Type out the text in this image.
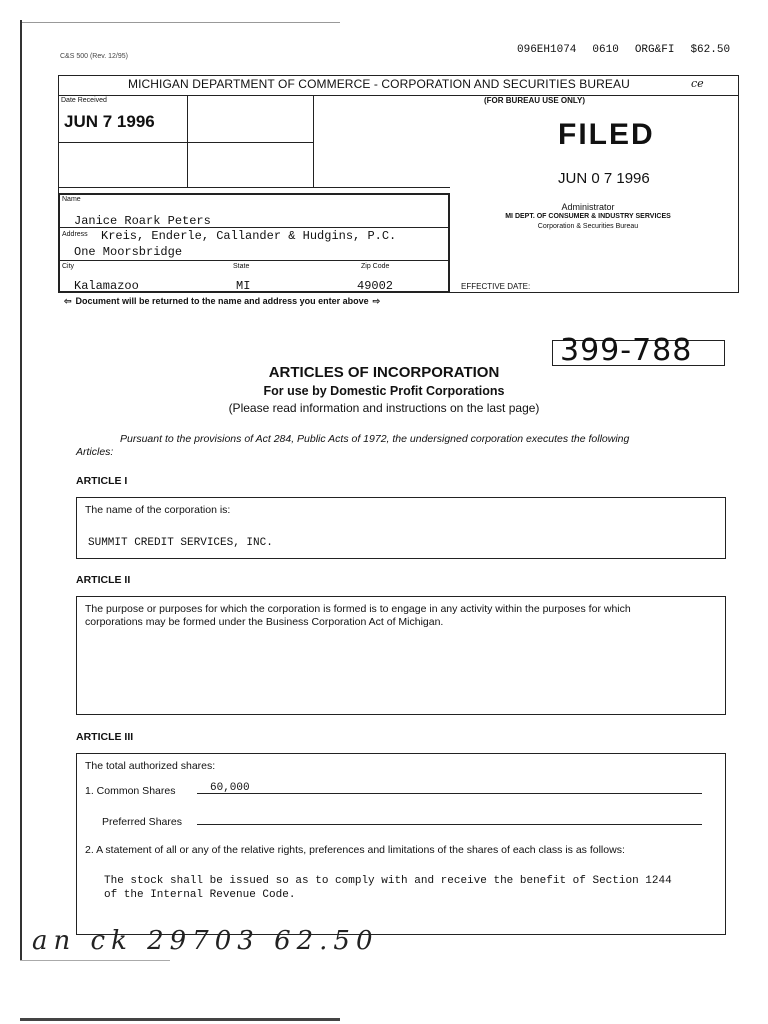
C&S 500 (Rev. 12/95)
096EH1074 0610 ORG&FI $62.50
MICHIGAN DEPARTMENT OF COMMERCE - CORPORATION AND SECURITIES BUREAU	ce
Date Received
JUN 7 1996
(FOR BUREAU USE ONLY)
FILED
JUN 0 7 1996
Administrator
MI DEPT. OF CONSUMER & INDUSTRY SERVICES
Corporation & Securities Bureau
Name
Janice Roark Peters
Address Kreis, Enderle, Callander & Hudgins, P.C.
One Moorsbridge
City	State	Zip Code
Kalamazoo	MI	49002	EFFECTIVE DATE:
⇦ Document will be returned to the name and address you enter above ⇨
399-788
ARTICLES OF INCORPORATION
For use by Domestic Profit Corporations
(Please read information and instructions on the last page)
Pursuant to the provisions of Act 284, Public Acts of 1972, the undersigned corporation executes the following
Articles:
ARTICLE I
The name of the corporation is:
SUMMIT CREDIT SERVICES, INC.
ARTICLE II
The purpose or purposes for which the corporation is formed is to engage in any activity within the purposes for which
corporations may be formed under the Business Corporation Act of Michigan.
ARTICLE III
The total authorized shares:
1. Common Shares	60,000
Preferred Shares
2. A statement of all or any of the relative rights, preferences and limitations of the shares of each class is as follows:
The stock shall be issued so as to comply with and receive the benefit of Section 1244
of the Internal Revenue Code.
an ck 29703 62.50
